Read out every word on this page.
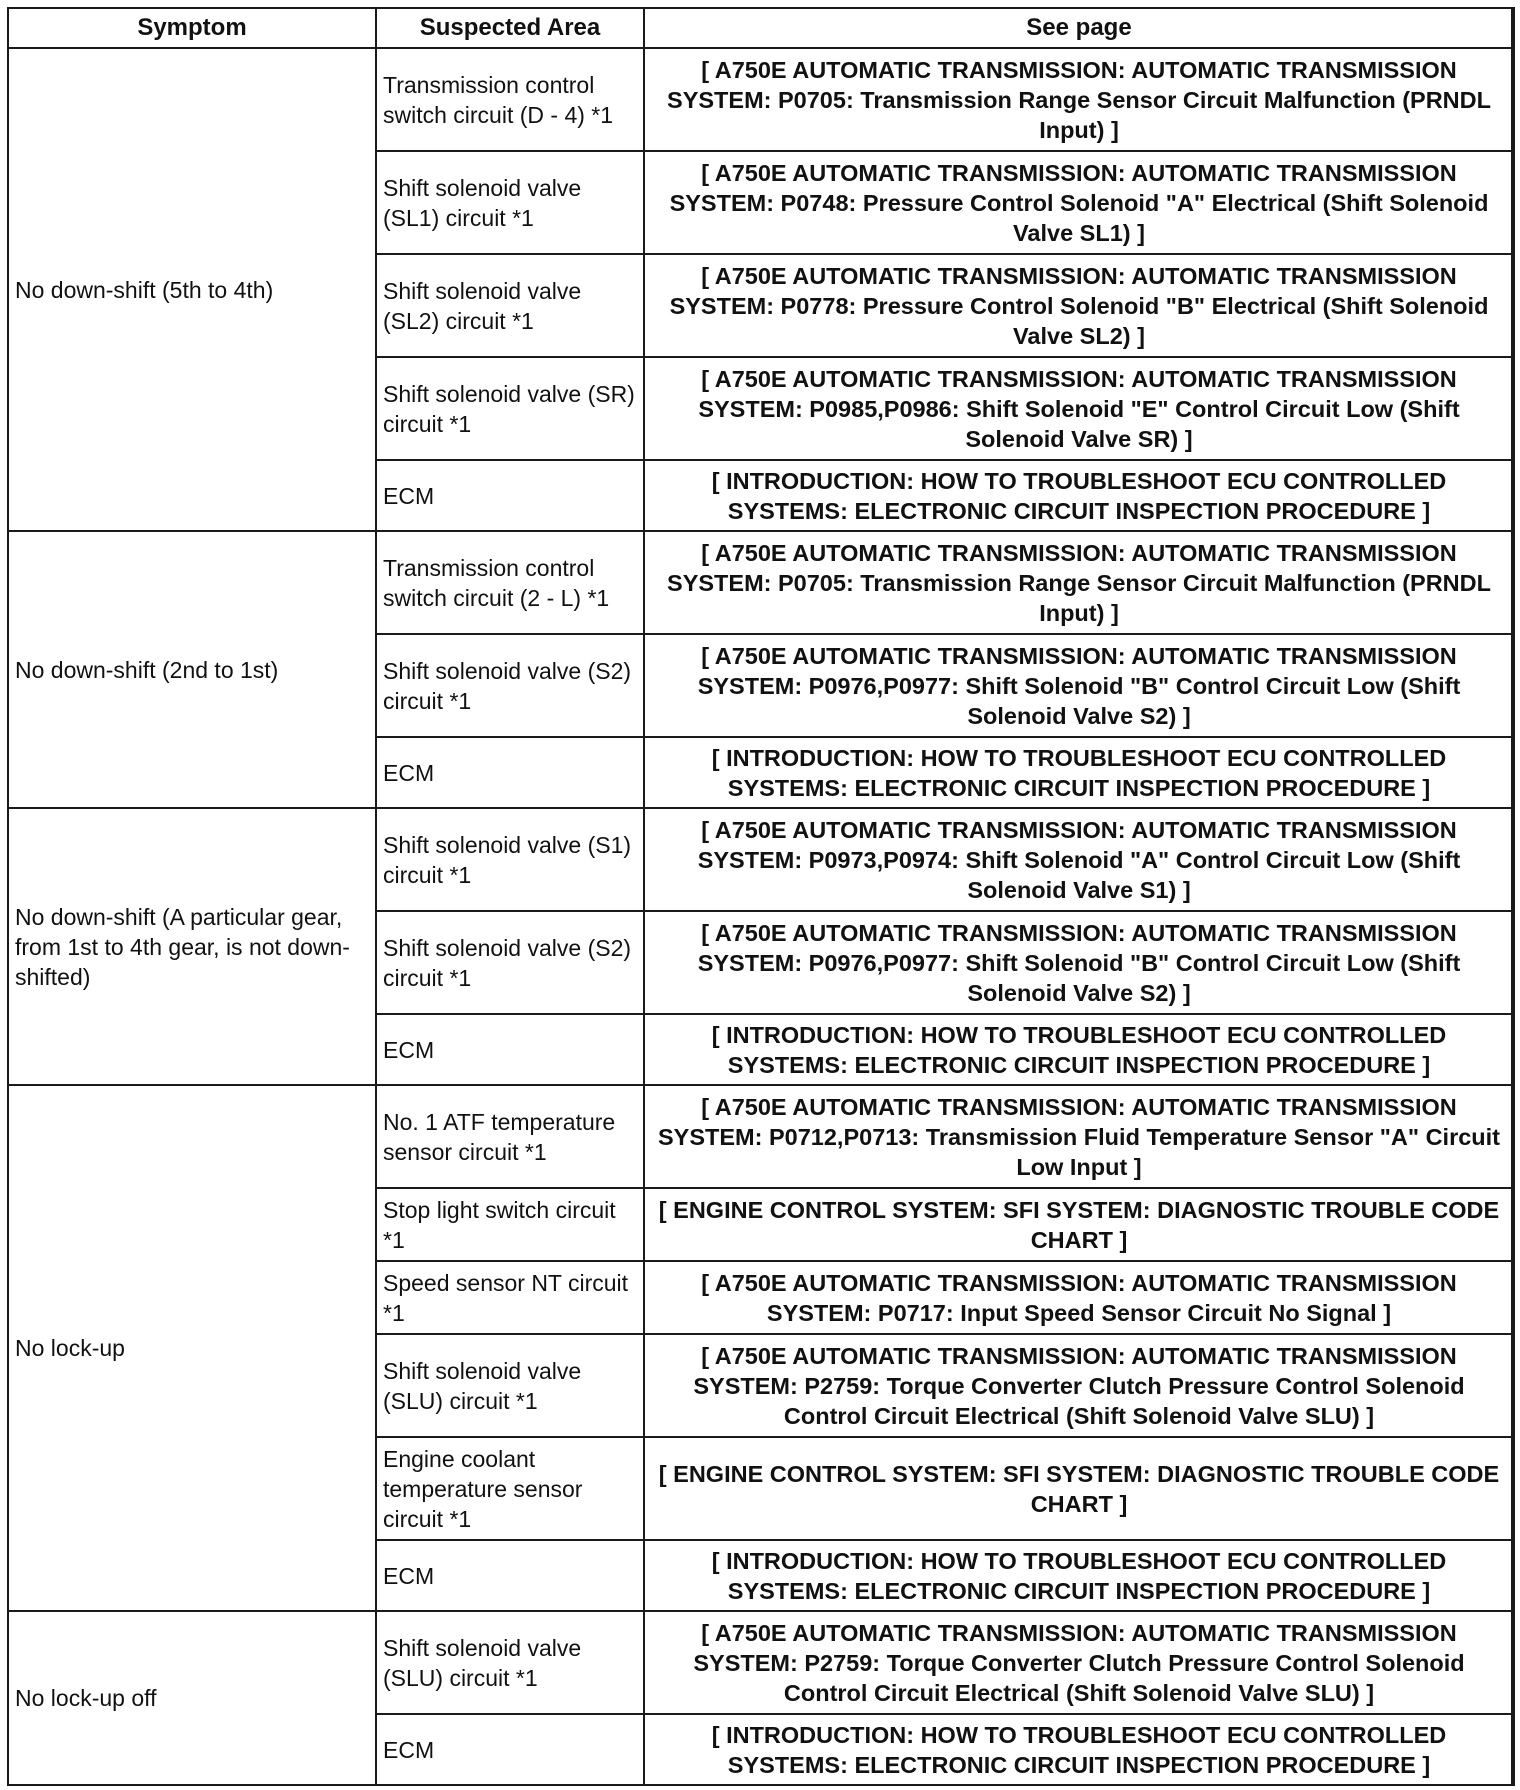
Symptom	Suspected Area	See page
No down-shift (5th to 4th)	Transmission control switch circuit (D - 4) *1	[ A750E AUTOMATIC TRANSMISSION: AUTOMATIC TRANSMISSION SYSTEM: P0705: Transmission Range Sensor Circuit Malfunction (PRNDL Input) ]
	Shift solenoid valve (SL1) circuit *1	[ A750E AUTOMATIC TRANSMISSION: AUTOMATIC TRANSMISSION SYSTEM: P0748: Pressure Control Solenoid "A" Electrical (Shift Solenoid Valve SL1) ]
	Shift solenoid valve (SL2) circuit *1	[ A750E AUTOMATIC TRANSMISSION: AUTOMATIC TRANSMISSION SYSTEM: P0778: Pressure Control Solenoid "B" Electrical (Shift Solenoid Valve SL2) ]
	Shift solenoid valve (SR) circuit *1	[ A750E AUTOMATIC TRANSMISSION: AUTOMATIC TRANSMISSION SYSTEM: P0985,P0986: Shift Solenoid "E" Control Circuit Low (Shift Solenoid Valve SR) ]
	ECM	[ INTRODUCTION: HOW TO TROUBLESHOOT ECU CONTROLLED SYSTEMS: ELECTRONIC CIRCUIT INSPECTION PROCEDURE ]
No down-shift (2nd to 1st)	Transmission control switch circuit (2 - L) *1	[ A750E AUTOMATIC TRANSMISSION: AUTOMATIC TRANSMISSION SYSTEM: P0705: Transmission Range Sensor Circuit Malfunction (PRNDL Input) ]
	Shift solenoid valve (S2) circuit *1	[ A750E AUTOMATIC TRANSMISSION: AUTOMATIC TRANSMISSION SYSTEM: P0976,P0977: Shift Solenoid "B" Control Circuit Low (Shift Solenoid Valve S2) ]
	ECM	[ INTRODUCTION: HOW TO TROUBLESHOOT ECU CONTROLLED SYSTEMS: ELECTRONIC CIRCUIT INSPECTION PROCEDURE ]
No down-shift (A particular gear, from 1st to 4th gear, is not down-shifted)	Shift solenoid valve (S1) circuit *1	[ A750E AUTOMATIC TRANSMISSION: AUTOMATIC TRANSMISSION SYSTEM: P0973,P0974: Shift Solenoid "A" Control Circuit Low (Shift Solenoid Valve S1) ]
	Shift solenoid valve (S2) circuit *1	[ A750E AUTOMATIC TRANSMISSION: AUTOMATIC TRANSMISSION SYSTEM: P0976,P0977: Shift Solenoid "B" Control Circuit Low (Shift Solenoid Valve S2) ]
	ECM	[ INTRODUCTION: HOW TO TROUBLESHOOT ECU CONTROLLED SYSTEMS: ELECTRONIC CIRCUIT INSPECTION PROCEDURE ]
No lock-up	No. 1 ATF temperature sensor circuit *1	[ A750E AUTOMATIC TRANSMISSION: AUTOMATIC TRANSMISSION SYSTEM: P0712,P0713: Transmission Fluid Temperature Sensor "A" Circuit Low Input ]
	Stop light switch circuit *1	[ ENGINE CONTROL SYSTEM: SFI SYSTEM: DIAGNOSTIC TROUBLE CODE CHART ]
	Speed sensor NT circuit *1	[ A750E AUTOMATIC TRANSMISSION: AUTOMATIC TRANSMISSION SYSTEM: P0717: Input Speed Sensor Circuit No Signal ]
	Shift solenoid valve (SLU) circuit *1	[ A750E AUTOMATIC TRANSMISSION: AUTOMATIC TRANSMISSION SYSTEM: P2759: Torque Converter Clutch Pressure Control Solenoid Control Circuit Electrical (Shift Solenoid Valve SLU) ]
	Engine coolant temperature sensor circuit *1	[ ENGINE CONTROL SYSTEM: SFI SYSTEM: DIAGNOSTIC TROUBLE CODE CHART ]
	ECM	[ INTRODUCTION: HOW TO TROUBLESHOOT ECU CONTROLLED SYSTEMS: ELECTRONIC CIRCUIT INSPECTION PROCEDURE ]
No lock-up off	Shift solenoid valve (SLU) circuit *1	[ A750E AUTOMATIC TRANSMISSION: AUTOMATIC TRANSMISSION SYSTEM: P2759: Torque Converter Clutch Pressure Control Solenoid Control Circuit Electrical (Shift Solenoid Valve SLU) ]
	ECM	[ INTRODUCTION: HOW TO TROUBLESHOOT ECU CONTROLLED SYSTEMS: ELECTRONIC CIRCUIT INSPECTION PROCEDURE ]
